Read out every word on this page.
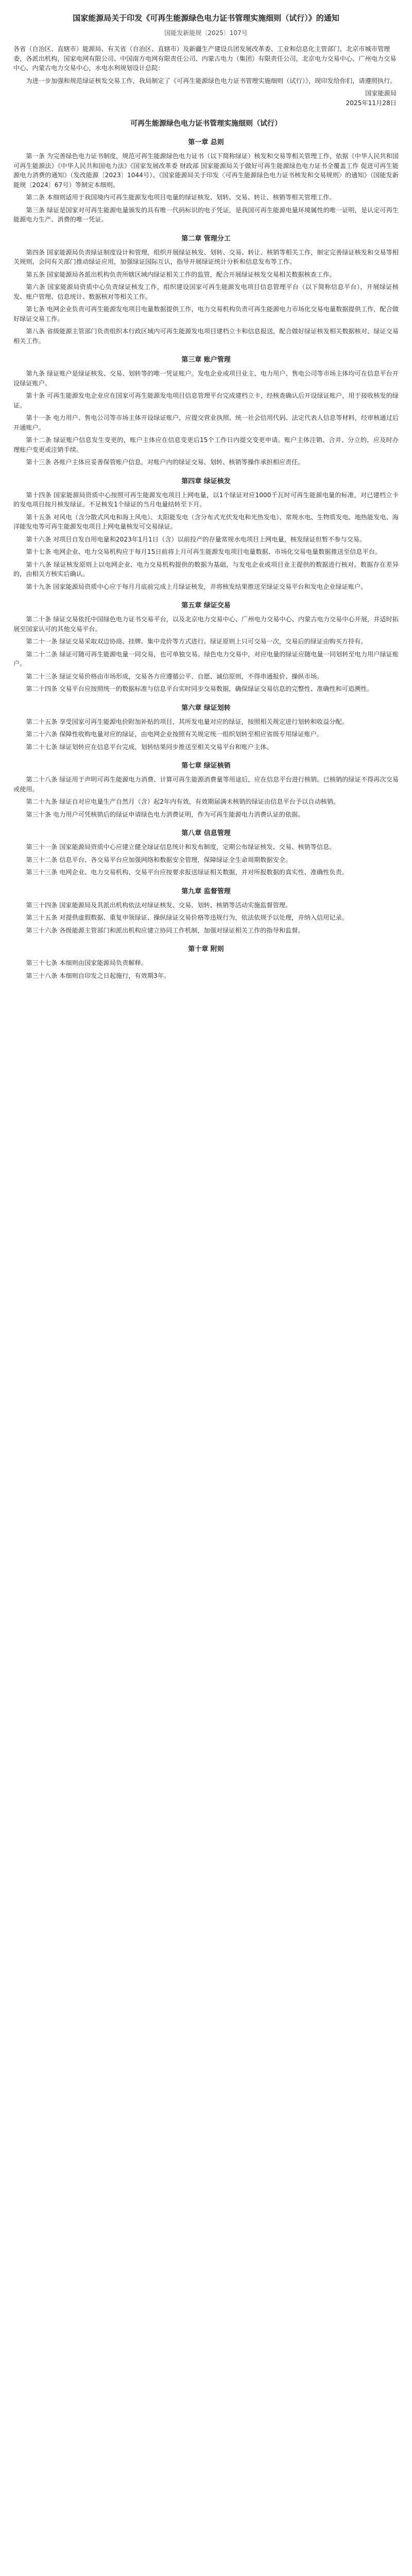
国家能源局关于印发《可再生能源绿色电力证书管理实施细则（试行）》的通知
国能发新能规〔2025〕107号

各省（自治区、直辖市）能源局、有关省（自治区、直辖市）及新疆生产建设兵团发展改革委、工业和信息化主管部门，北京市城市管理委，各派出机构，国家电网有限公司、中国南方电网有限责任公司、内蒙古电力（集团）有限责任公司，北京电力交易中心、广州电力交易中心、内蒙古电力交易中心，水电水利规划设计总院：

为进一步加强和规范绿证核发交易工作，我局制定了《可再生能源绿色电力证书管理实施细则（试行）》，现印发给你们，请遵照执行。

国家能源局
2025年11月28日
可再生能源绿色电力证书管理实施细则（试行）
第一章 总则

第一条 为完善绿色电力证书制度，规范可再生能源绿色电力证书（以下简称绿证）核发和交易等相关管理工作，依据《中华人民共和国可再生能源法》《中华人民共和国电力法》《国家发展改革委 财政部 国家能源局关于做好可再生能源绿色电力证书全覆盖工作 促进可再生能源电力消费的通知》（发改能源〔2023〕1044号）、《国家能源局关于印发〈可再生能源绿色电力证书核发和交易规则〉的通知》（国能发新能规〔2024〕67号）等制定本细则。

第二条 本细则适用于我国境内可再生能源发电项目电量的绿证核发、划转、交易、转让、核销等相关管理工作。

第三条 绿证是国家对可再生能源电量颁发的具有唯一代码标识的电子凭证，是我国可再生能源电量环境属性的唯一证明，是认定可再生能源电力生产、消费的唯一凭证。

第二章 管理分工

第四条 国家能源局负责绿证制度设计和管理，组织开展绿证核发、划转、交易、转让、核销等相关工作，制定完善绿证核发和交易等相关规则，会同有关部门推动绿证应用，加强绿证国际互认，指导开展绿证统计分析和信息发布等工作。

第五条 国家能源局各派出机构负责所辖区域内绿证相关工作的监管，配合开展绿证核发交易相关数据核查工作。

第六条 国家能源局资质中心负责绿证核发工作，组织建设国家可再生能源发电项目信息管理平台（以下简称信息平台），开展绿证核发、账户管理、信息统计、数据核对等相关工作。

第七条 电网企业负责可再生能源发电项目电量数据提供工作，电力交易机构负责可再生能源电力市场化交易电量数据提供工作，配合做好绿证交易工作。

第八条 省级能源主管部门负责组织本行政区域内可再生能源发电项目建档立卡和信息报送，配合做好绿证核发相关数据核对、绿证交易相关工作。

第三章 账户管理

第九条 绿证账户是绿证核发、交易、划转等的唯一凭证账户。发电企业或项目业主、电力用户、售电公司等市场主体均可在信息平台开设绿证账户。

第十条 可再生能源发电企业应在国家可再生能源发电项目信息管理平台完成建档立卡，经核查确认后开设绿证账户，用于接收核发的绿证。

第十一条 电力用户、售电公司等市场主体开设绿证账户，应提交营业执照、统一社会信用代码、法定代表人信息等材料，经审核通过后开通账户。

第十二条 绿证账户信息发生变更的，账户主体应在信息变更后15个工作日内提交变更申请。账户主体注销、合并、分立的，应及时办理账户变更或注销手续。

第十三条 各账户主体应妥善保管账户信息，对账户内的绿证交易、划转、核销等操作承担相应责任。

第四章 绿证核发

第十四条 国家能源局资质中心按照可再生能源发电项目上网电量，以1个绿证对应1000千瓦时可再生能源电量的标准，对已建档立卡的发电项目按月核发绿证。不足核发1个绿证的当月电量结转至下月。

第十五条 对风电（含分散式风电和海上风电）、太阳能发电（含分布式光伏发电和光热发电）、常规水电、生物质发电、地热能发电、海洋能发电等可再生能源发电项目上网电量核发可交易绿证。

第十六条 对项目自发自用电量和2023年1月1日（含）以前投产的存量常规水电项目上网电量，核发绿证但暂不参与交易。

第十七条 电网企业、电力交易机构应于每月15日前将上月可再生能源发电项目电量数据、市场化交易电量数据推送至信息平台。

第十八条 绿证核发原则上以电网企业、电力交易机构提供的数据为基础，与发电企业或项目业主提供的数据进行核对。数据存在差异的，由相关方核实后确认。

第十九条 国家能源局资质中心应于每月月底前完成上月绿证核发，并将核发结果推送至绿证交易平台和发电企业绿证账户。

第五章 绿证交易

第二十条 绿证交易依托中国绿色电力证书交易平台，以及北京电力交易中心、广州电力交易中心、内蒙古电力交易中心开展，并适时拓展至国家认可的其他交易平台。

第二十一条 绿证交易采取双边协商、挂牌、集中竞价等方式进行。绿证原则上只可交易一次，交易后的绿证由购买方持有。

第二十二条 绿证可随可再生能源电量一同交易，也可单独交易。绿色电力交易中，对应电量的绿证应随电量一同划转至电力用户绿证账户。

第二十三条 绿证交易价格由市场形成，交易各方应遵循公平、自愿、诚信原则，不得串通报价、操纵市场。

第二十四条 交易平台应按照统一的数据标准与信息平台实时同步交易数据，确保绿证交易信息的完整性、准确性和可追溯性。

第六章 绿证划转

第二十五条 享受国家可再生能源电价附加补贴的项目，其所发电量对应的绿证，按照相关规定进行划转和收益分配。

第二十六条 保障性收购电量对应的绿证，由电网企业按照有关规定统一组织划转至相应省级专用绿证账户。

第二十七条 绿证划转应在信息平台完成，划转结果同步推送至相关交易平台和账户主体。

第七章 绿证核销

第二十八条 绿证用于声明可再生能源电力消费、计算可再生能源消费量等用途后，应在信息平台进行核销。已核销的绿证不得再次交易或使用。

第二十九条 绿证自对应电量生产自然月（含）起2年内有效，有效期届满未核销的绿证由信息平台予以自动核销。

第三十条 电力用户可凭核销后的绿证申请绿色电力消费证明，作为可再生能源电力消费认证的依据。

第八章 信息管理

第三十一条 国家能源局资质中心应建立健全绿证信息统计和发布制度，定期公布绿证核发、交易、核销等信息。

第三十二条 信息平台、各交易平台应加强网络和数据安全管理，保障绿证全生命周期数据安全。

第三十三条 电网企业、电力交易机构、交易平台应按要求报送绿证相关数据，并对所报数据的真实性、准确性负责。

第九章 监督管理

第三十四条 国家能源局及其派出机构依法对绿证核发、交易、划转、核销等活动实施监督管理。

第三十五条 对提供虚假数据、重复申领绿证、操纵绿证交易价格等违规行为，依法依规予以处理，并纳入信用记录。

第三十六条 各级能源主管部门和派出机构应建立协同工作机制，加强对绿证相关工作的指导和监督。

第十章 附则

第三十七条 本细则由国家能源局负责解释。

第三十八条 本细则自印发之日起施行，有效期3年。
